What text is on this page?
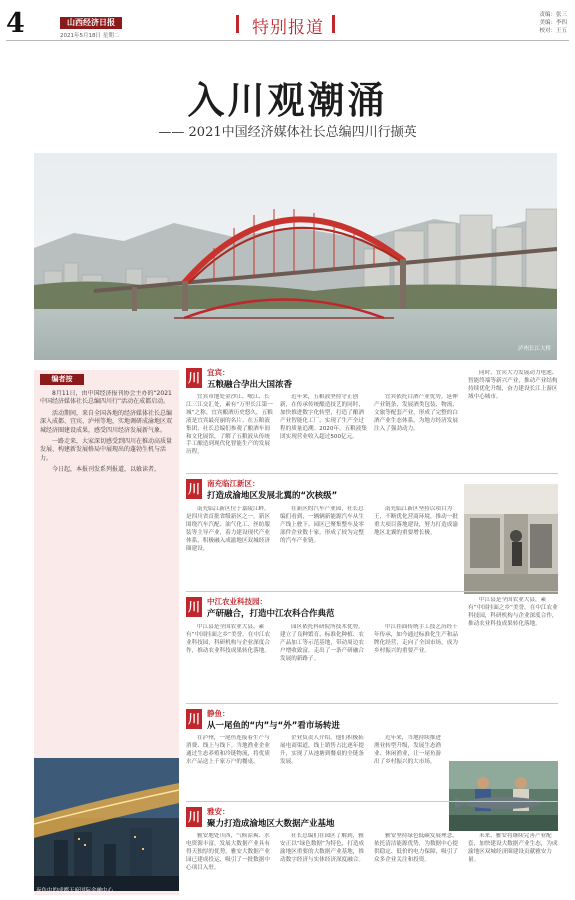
4	山西经济日报
2021年5月18日 星期二	特别报道
责编：张三
美编：李四
校对：王五
入川观潮涌
—— 2021中国经济媒体社长总编四川行撷英
泸州长江大桥
编者按

8月11日，由中国经济报刊协会主办的“2021中国经济媒体社长总编四川行”活动在成都启动。

活动期间，来自全国各地的经济媒体社长总编深入成都、宜宾、泸州等地，实地调研成渝地区双城经济圈建设成果，感受四川经济发展新气象。

一路走来，大家深切感受到四川在推动高质量发展、构建新发展格局中展现出的蓬勃生机与活力。

今日起，本报刊发系列报道，以飨读者。

夜色中的成都天府国际金融中心
川 宜宾：
五粮融合孕出大国浓香
宜宾市地处金沙江、岷江、长江三江交汇处，素有“万里长江第一城”之称。宜宾酿酒历史悠久，五粮液是宜宾最亮丽的名片。在五粮液集团，社长总编们参观了酿酒车间和文化展馆，了解了五粮液从传统手工酿造到现代化智能生产的发展历程。
近年来，五粮液坚持守正创新，在传承传统酿造技艺的同时，加快推进数字化转型，打造了酿酒产业智能化工厂，实现了生产全过程的质量追溯。2020年，五粮液集团实现营业收入超过500亿元。
宜宾依托白酒产业优势，延伸产业链条，发展酒类包装、物流、文旅等配套产业，形成了完整的白酒产业生态体系，为地方经济发展注入了强劲动力。
同时，宜宾大力发展动力电池、智能终端等新兴产业，推动产业结构持续优化升级，奋力建设长江上游区域中心城市。
川 南充临江新区：
打造成渝地区发展北翼的“次核级”
南充临江新区位于嘉陵江畔，是四川省首批省级新区之一。新区围绕汽车汽配、油气化工、丝纺服装等主导产业，着力建设现代产业体系，积极融入成渝地区双城经济圈建设。
在新区的汽车产业园，社长总编们看到，一辆辆新能源汽车从生产线上驶下。园区已聚集整车及零部件企业数十家，形成了较为完整的汽车产业链。
南充临江新区坚持以项目为王，不断优化营商环境，推动一批重大项目落地建设，努力打造成渝地区北翼的重要增长极。
川 中江农业科技园：
产研融合，打造中江农科合作典范
中江县是全国农业大县，素有“中国挂面之乡”美誉。在中江农业科技园，科研机构与企业深度合作，推动农业科技成果转化落地。
园区依托科研院所技术优势，建立了良种繁育、标准化种植、农产品加工等示范基地，带动周边农户增收致富，走出了一条产研融合发展的新路子。
中江挂面传统手工技艺历经千年传承，如今通过标准化生产和品牌化经营，走向了全国市场，成为乡村振兴的重要产业。
中江县是全国农业大县，素有“中国挂面之乡”美誉。在中江农业科技园，科研机构与企业深度合作，推动农业科技成果转化落地。
川 静鱼：
从一尾鱼的“内”与“外”看市场转进
在泸州，一尾鱼连接着生产与消费、线上与线下。当地渔业企业通过生态养殖和冷链物流，将优质水产品送上千家万户的餐桌。
企业负责人介绍，他们积极拓展电商渠道，线上销售占比逐年提升，实现了从池塘到餐桌的全链条发展。
近年来，当地持续推进渔业转型升级，发展生态渔业、休闲渔业，让一尾鱼游出了乡村振兴的大市场。
川 雅安：
聚力打造成渝地区大数据产业基地
雅安地处川西，气候凉爽、水电资源丰富，发展大数据产业具有得天独厚的优势。雅安大数据产业园已建成投运，吸引了一批数据中心项目入驻。
社长总编们在园区了解到，雅安正以“绿色数据”为特色，打造成渝地区重要的大数据产业基地，推动数字经济与实体经济深度融合。
雅安坚持绿色低碳发展理念，依托清洁能源优势，为数据中心提供稳定、低价的电力保障，吸引了众多企业关注和投资。
未来，雅安将继续完善产业配套，加快建设大数据产业生态，为成渝地区双城经济圈建设贡献雅安力量。
